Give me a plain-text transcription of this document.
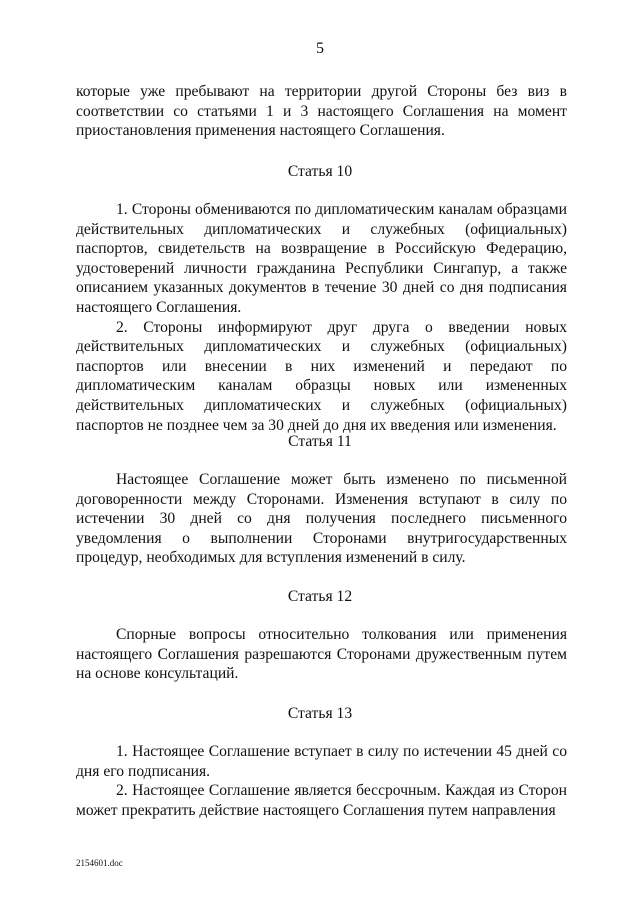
5

которые уже пребывают на территории другой Стороны без виз в соответствии со статьями 1 и 3 настоящего Соглашения на момент приостановления применения настоящего Соглашения.

Статья 10

1. Стороны обмениваются по дипломатическим каналам образцами действительных дипломатических и служебных (официальных) паспортов, свидетельств на возвращение в Российскую Федерацию, удостоверений личности гражданина Республики Сингапур, а также описанием указанных документов в течение 30 дней со дня подписания настоящего Соглашения.

2. Стороны информируют друг друга о введении новых действительных дипломатических и служебных (официальных) паспортов или внесении в них изменений и передают по дипломатическим каналам образцы новых или измененных действительных дипломатических и служебных (официальных) паспортов не позднее чем за 30 дней до дня их введения или изменения.

Статья 11

Настоящее Соглашение может быть изменено по письменной договоренности между Сторонами. Изменения вступают в силу по истечении 30 дней со дня получения последнего письменного уведомления о выполнении Сторонами внутригосударственных процедур, необходимых для вступления изменений в силу.

Статья 12

Спорные вопросы относительно толкования или применения настоящего Соглашения разрешаются Сторонами дружественным путем на основе консультаций.

Статья 13

1. Настоящее Соглашение вступает в силу по истечении 45 дней со дня его подписания.

2. Настоящее Соглашение является бессрочным. Каждая из Сторон может прекратить действие настоящего Соглашения путем направления

2154601.doc
